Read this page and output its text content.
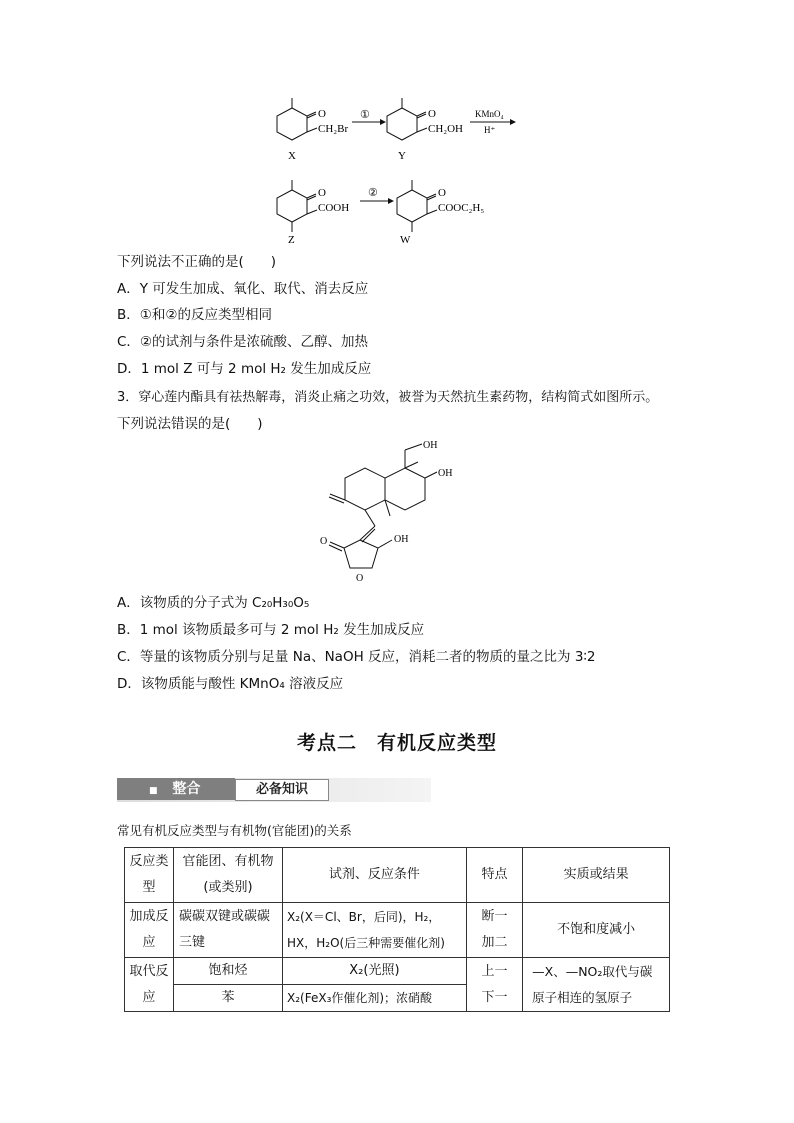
O
CH₂Br
X
①	O
CH₂OH
Y
KMnO₄
H⁺
O
COOH
Z
②	O
COOC₂H₅
W
下列说法不正确的是(　　)
A．Y 可发生加成、氧化、取代、消去反应
B．①和②的反应类型相同
C．②的试剂与条件是浓硫酸、乙醇、加热
D．1 mol Z 可与 2 mol H₂ 发生加成反应
3．穿心莲内酯具有祛热解毒，消炎止痛之功效，被誉为天然抗生素药物，结构简式如图所示。
下列说法错误的是(　　)
OH
OH
OH
O
O
A．该物质的分子式为 C₂₀H₃₀O₅
B．1 mol 该物质最多可与 2 mol H₂ 发生加成反应
C．等量的该物质分别与足量 Na、NaOH 反应，消耗二者的物质的量之比为 3∶2
D．该物质能与酸性 KMnO₄ 溶液反应
考点二　有机反应类型
■ 整合	必备知识
常见有机反应类型与有机物(官能团)的关系
反应类型	官能团、有机物(或类别)	试剂、反应条件	特点	实质或结果

加成反应	碳碳双键或碳碳三键	X₂(X＝Cl、Br，后同)，H₂，
HX，H₂O(后三种需要催化剂)	断一加二	不饱和度减小

取代反应	饱和烃	X₂(光照)	上一下一	—X、—NO₂取代与碳原子相连的氢原子

	苯	X₂(FeX₃作催化剂)；浓硝酸		
